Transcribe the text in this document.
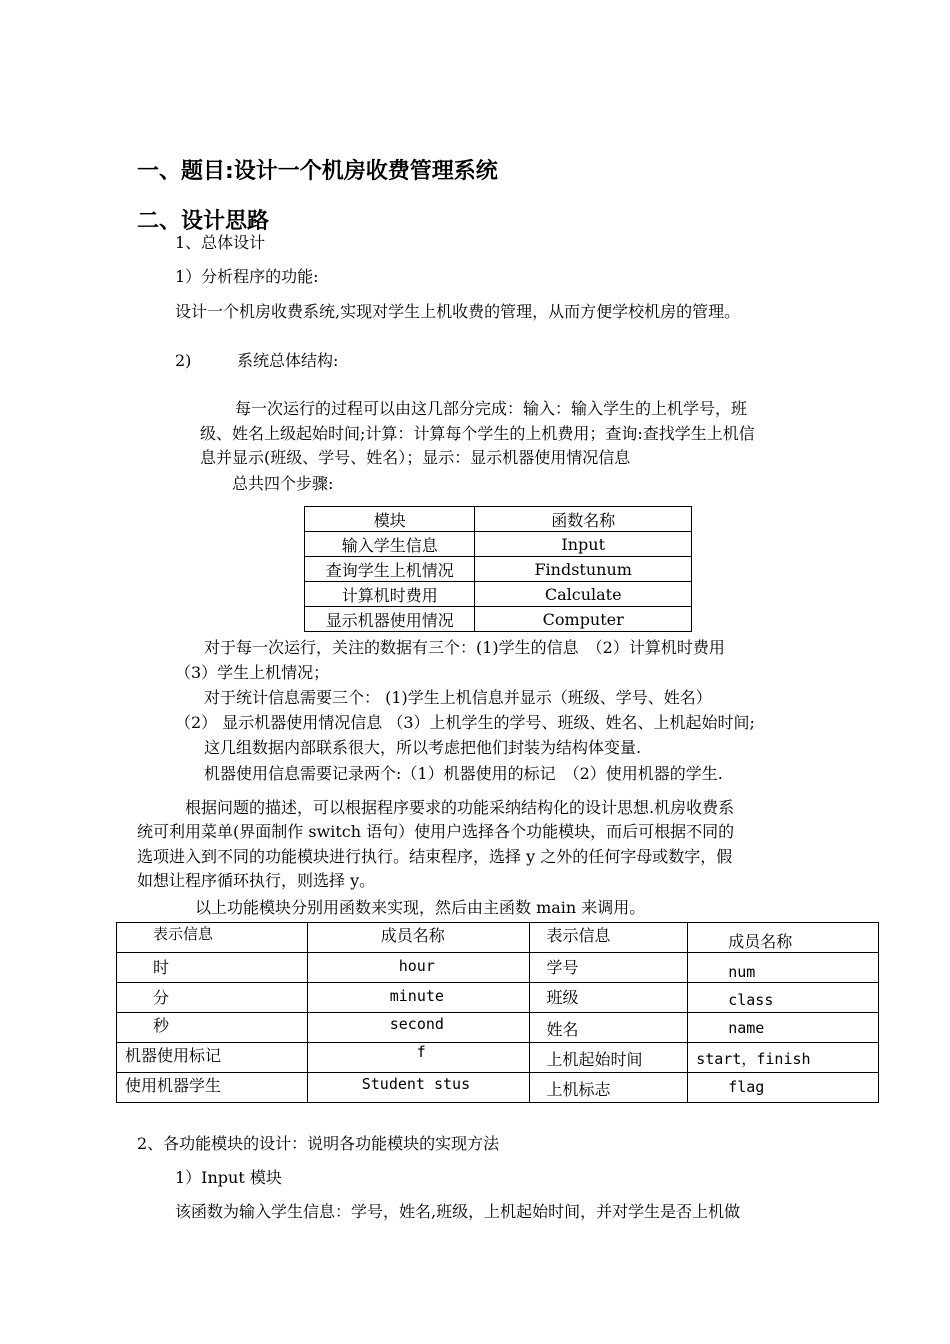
一、题目:设计一个机房收费管理系统
二、设计思路
1、总体设计
1）分析程序的功能:
设计一个机房收费系统,实现对学生上机收费的管理，从而方便学校机房的管理。
2)	系统总体结构:
每一次运行的过程可以由这几部分完成：输入：输入学生的上机学号，班
级、姓名上级起始时间;计算：计算每个学生的上机费用；查询:查找学生上机信
息并显示(班级、学号、姓名）；显示：显示机器使用情况信息
总共四个步骤:
模块	函数名称
输入学生信息	Input
查询学生上机情况	Findstunum
计算机时费用	Calculate
显示机器使用情况	Computer
对于每一次运行，关注的数据有三个：(1)学生的信息　（2）计算机时费用
（3）学生上机情况；
对于统计信息需要三个： (1)学生上机信息并显示（班级、学号、姓名）
（2） 显示机器使用情况信息 （3）上机学生的学号、班级、姓名、上机起始时间;
这几组数据内部联系很大，所以考虑把他们封装为结构体变量.
机器使用信息需要记录两个:（1）机器使用的标记　（2）使用机器的学生.
根据问题的描述，可以根据程序要求的功能采纳结构化的设计思想.机房收费系
统可利用菜单(界面制作 switch 语句）使用户选择各个功能模块，而后可根据不同的
选项进入到不同的功能模块进行执行。结束程序，选择 y 之外的任何字母或数字，假
如想让程序循环执行，则选择 y。
以上功能模块分别用函数来实现，然后由主函数 main 来调用。
表示信息	成员名称	表示信息	成员名称

时	hour	学号	num

分	minute	班级	class

秒	second	姓名	name

机器使用标记	f	上机起始时间	start，finish

使用机器学生	Student stus	上机标志	flag
2、各功能模块的设计：说明各功能模块的实现方法
1）Input 模块
该函数为输入学生信息：学号，姓名,班级，上机起始时间，并对学生是否上机做
